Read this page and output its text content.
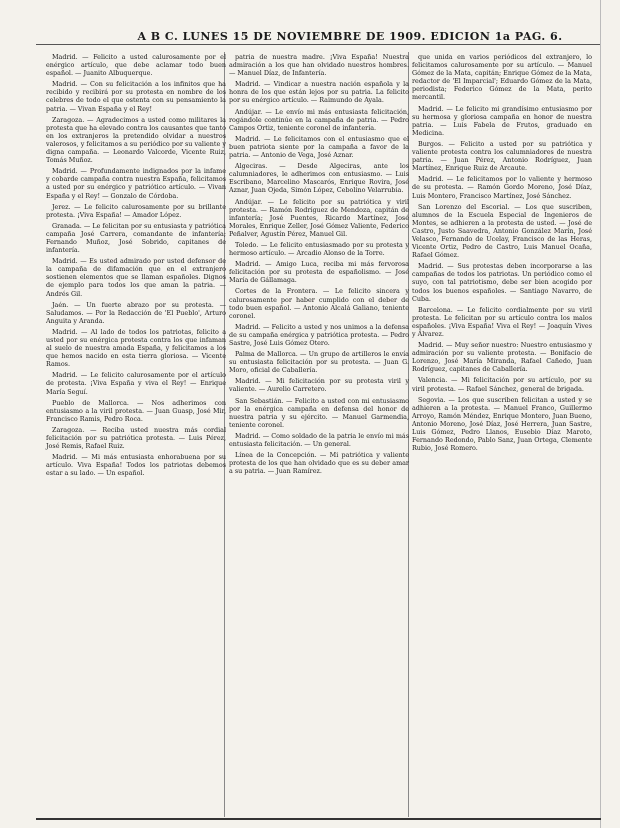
A B C. LUNES 15 DE NOVIEMBRE DE 1909. EDICION 1a PAG. 6.

Madrid. — Felicito a usted calurosamente por el enérgico artículo, que debe aclamar todo buen español. — Juanito Albuquerque.

Madrid. — Con su felicitación a los infinitos que ha recibido y recibirá por su protesta en nombre de los celebres de todo el que ostenta con su pensamiento la patria. — Vivan España y el Rey!

Zaragoza. — Agradecimos a usted como militares la protesta que ha elevado contra los causantes que tanto en los extranjeros la pretendido olvidar a nuestros valerosos, y felicitamos a su periódico por su valiente y digna campaña. — Leonardo Valcorde, Vicente Ruiz, Tomás Muñoz.

Madrid. — Profundamente indignados por la infame y cobarde campaña contra nuestra España, felicitamos a usted por su enérgico y patriótico artículo. — Vivan España y el Rey! — Gonzalo de Córdoba.

Jerez. — Le felicito calurosamente por su brillante protesta. ¡Viva España! — Amador López.

Granada. — Le felicitan por su entusiasta y patriótica campaña José Carrera, comandante de infantería; Fernando Muñoz, José Sobrido, capitanes de infantería.

Madrid. — Es usted admirado por usted defensor de la campaña de difamación que en el extranjero sostienen elementos que se llaman españoles. Dignos de ejemplo para todos los que aman la patria. — Andrés Gil.

Jaén. — Un fuerte abrazo por su protesta. — Saludamos. — Por la Redacción de 'El Pueblo', Arturo Anguita y Aranda.

Madrid. — Al lado de todos los patriotas, felicito a usted por su enérgica protesta contra los que infaman al suelo de nuestra amada España, y felicitamos a los que hemos nacido en esta tierra gloriosa. — Vicente Ramos.

Madrid. — Le felicito calurosamente por el artículo de protesta. ¡Viva España y viva el Rey! — Enrique María Seguí.

Pueblo de Mallorca. — Nos adherimos con entusiasmo a la viril protesta. — Juan Guasp, José Mir, Francisco Ramis, Pedro Roca.

Zaragoza. — Reciba usted nuestra más cordial felicitación por su patriótica protesta. — Luis Pérez, José Remis, Rafael Ruiz.

Madrid. — Mi más entusiasta enhorabuena por su artículo. Viva España! Todos los patriotas debemos estar a su lado. — Un español.

patria de nuestra madre. ¡Viva España! Nuestra admiración a los que han olvidado nuestros hombres. — Manuel Díaz, de Infantería.

Madrid. — Vindicar a nuestra nación española y la honra de los que están lejos por su patria. La felicito por su enérgico artículo. — Raimundo de Ayala.

Andújar. — Le envío mi más entusiasta felicitación, rogándole continúe en la campaña de patria. — Pedro Campos Ortiz, teniente coronel de infantería.

Madrid. — Le felicitamos con el entusiasmo que el buen patriota siente por la campaña a favor de la patria. — Antonio de Vega, José Aznar.

Algeciras. — Desde Algeciras, ante los calumniadores, le adherimos con entusiasmo. — Luis Escribano, Marcelino Mascarós, Enrique Rovira, José Aznar, Juan Ojeda, Simón López, Cebolino Velarrubia.

Andújar. — Le felicito por su patriótica y viril protesta. — Ramón Rodríguez de Mendoza, capitán de infantería; José Puentes, Ricardo Martínez, José Morales, Enrique Zeller, José Gómez Valiente, Federico Peñalver, Agustín Pérez, Manuel Gil.

Toledo. — Le felicito entusiasmado por su protesta y hermoso artículo. — Arcadio Alonso de la Torre.

Madrid. — Amigo Luca, reciba mi más fervorosa felicitación por su protesta de españolismo. — José María de Gállamaga.

Cortes de la Frontera. — Le felicito sincera y calurosamente por haber cumplido con el deber de todo buen español. — Antonio Alcalá Galiano, teniente coronel.

Madrid. — Felicito a usted y nos unimos a la defensa de su campaña enérgica y patriótica protesta. — Pedro Sastre, José Luis Gómez Otero.

Palma de Mallorca. — Un grupo de artilleros le envía su entusiasta felicitación por su protesta. — Juan G. Moro, oficial de Caballería.

Madrid. — Mi felicitación por su protesta viril y valiente. — Aurelio Carretero.

San Sebastián. — Felicito a usted con mi entusiasmo por la enérgica campaña en defensa del honor de nuestra patria y su ejército. — Manuel Garmendia, teniente coronel.

Madrid. — Como soldado de la patria le envío mi más entusiasta felicitación. — Un general.

Línea de la Concepción. — Mi patriótica y valiente protesta de los que han olvidado que es su deber amar a su patria. — Juan Ramírez.

que unida en varios periódicos del extranjero, lo felicitamos calurosamente por su artículo. — Manuel Gómez de la Mata, capitán; Enrique Gómez de la Mata, redactor de 'El Imparcial'; Eduardo Gómez de la Mata, periodista; Federico Gómez de la Mata, perito mercantil.

Madrid. — Le felicito mi grandísimo entusiasmo por su hermosa y gloriosa campaña en honor de nuestra patria. — Luis Fabela de Frutos, graduado en Medicina.

Burgos. — Felicito a usted por su patriótica y valiente protesta contra los calumniadores de nuestra patria. — Juan Pérez, Antonio Rodríguez, Juan Martínez, Enrique Ruiz de Arcaute.

Madrid. — Le felicitamos por lo valiente y hermoso de su protesta. — Ramón Gordo Moreno, José Díaz, Luis Montero, Francisco Martínez, José Sánchez.

San Lorenzo del Escorial. — Los que suscriben, alumnos de la Escuela Especial de Ingenieros de Montes, se adhieren a la protesta de usted. — José de Castro, Justo Saavedra, Antonio González Marín, José Velasco, Fernando de Ucelay, Francisco de las Heras, Vicente Ortiz, Pedro de Castro, Luis Manuel Ocaña, Rafael Gómez.

Madrid. — Sus protestas deben incorporarse a las campañas de todos los patriotas. Un periódico como el suyo, con tal patriotismo, debe ser bien acogido por todos los buenos españoles. — Santiago Navarro, de Cuba.

Barcelona. — Le felicito cordialmente por su viril protesta. Le felicitan por su artículo contra los malos españoles. ¡Viva España! Viva el Rey! — Joaquín Vives y Álvarez.

Madrid. — Muy señor nuestro: Nuestro entusiasmo y admiración por su valiente protesta. — Bonifacio de Lorenzo, José María Miranda, Rafael Cañedo, Juan Rodríguez, capitanes de Caballería.

Valencia. — Mi felicitación por su artículo, por su viril protesta. — Rafael Sánchez, general de brigada.

Segovia. — Los que suscriben felicitan a usted y se adhieren a la protesta. — Manuel Franco, Guillermo Arroyo, Ramón Méndez, Enrique Montero, Juan Bueno, Antonio Moreno, José Díaz, José Herrera, Juan Sastre, Luis Gómez, Pedro Llanos, Eusebio Díaz Maroto, Fernando Redondo, Pablo Sanz, Juan Ortega, Clemente Rubio, José Romero.
